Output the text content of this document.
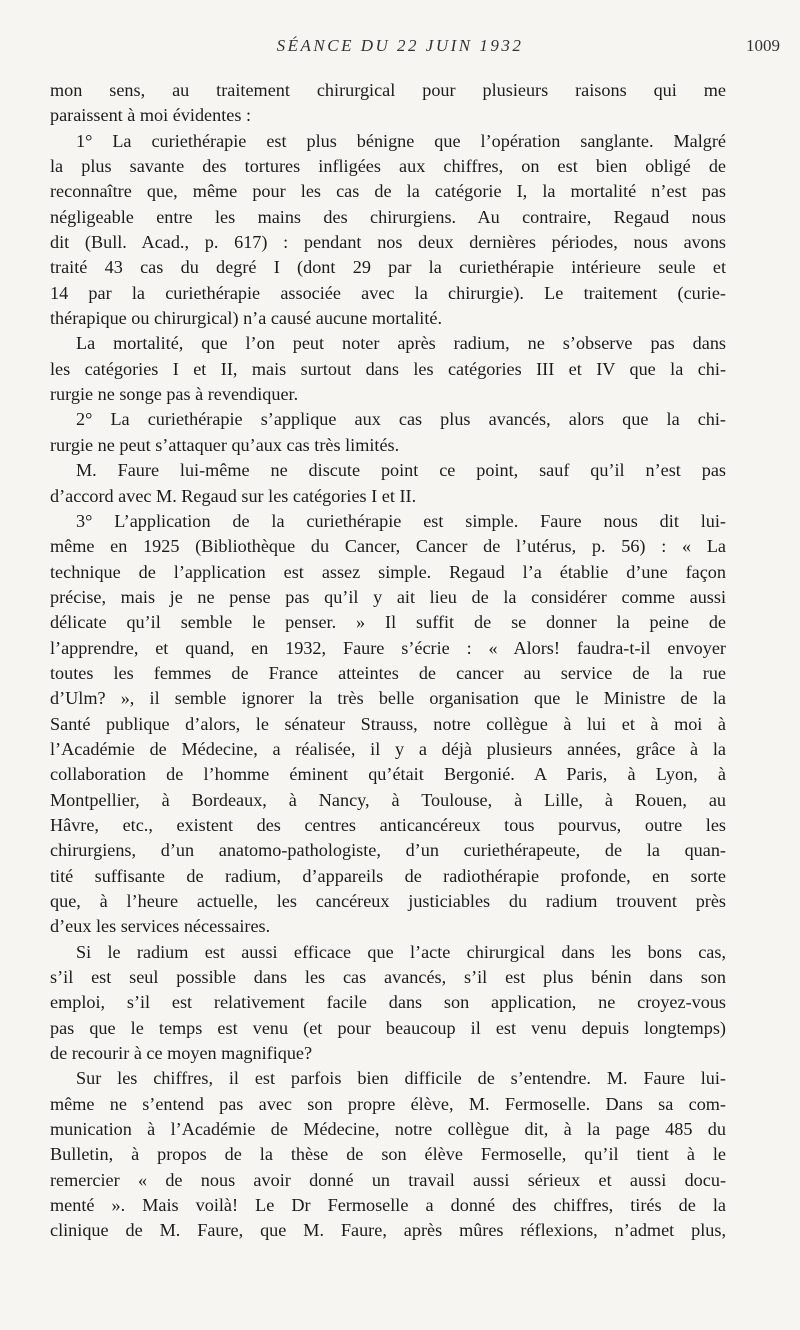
SÉANCE DU 22 JUIN 1932	1009
mon sens, au traitement chirurgical pour plusieurs raisons qui me
paraissent à moi évidentes :
1° La curiethérapie est plus bénigne que l’opération sanglante. Malgré
la plus savante des tortures infligées aux chiffres, on est bien obligé de
reconnaître que, même pour les cas de la catégorie I, la mortalité n’est pas
négligeable entre les mains des chirurgiens. Au contraire, Regaud nous
dit (Bull. Acad., p. 617) : pendant nos deux dernières périodes, nous avons
traité 43 cas du degré I (dont 29 par la curiethérapie intérieure seule et
14 par la curiethérapie associée avec la chirurgie). Le traitement (curie-
thérapique ou chirurgical) n’a causé aucune mortalité.
La mortalité, que l’on peut noter après radium, ne s’observe pas dans
les catégories I et II, mais surtout dans les catégories III et IV que la chi-
rurgie ne songe pas à revendiquer.
2° La curiethérapie s’applique aux cas plus avancés, alors que la chi-
rurgie ne peut s’attaquer qu’aux cas très limités.
M. Faure lui-même ne discute point ce point, sauf qu’il n’est pas
d’accord avec M. Regaud sur les catégories I et II.
3° L’application de la curiethérapie est simple. Faure nous dit lui-
même en 1925 (Bibliothèque du Cancer, Cancer de l’utérus, p. 56) : « La
technique de l’application est assez simple. Regaud l’a établie d’une façon
précise, mais je ne pense pas qu’il y ait lieu de la considérer comme aussi
délicate qu’il semble le penser. » Il suffit de se donner la peine de
l’apprendre, et quand, en 1932, Faure s’écrie : « Alors! faudra-t-il envoyer
toutes les femmes de France atteintes de cancer au service de la rue
d’Ulm? », il semble ignorer la très belle organisation que le Ministre de la
Santé publique d’alors, le sénateur Strauss, notre collègue à lui et à moi à
l’Académie de Médecine, a réalisée, il y a déjà plusieurs années, grâce à la
collaboration de l’homme éminent qu’était Bergonié. A Paris, à Lyon, à
Montpellier, à Bordeaux, à Nancy, à Toulouse, à Lille, à Rouen, au
Hâvre, etc., existent des centres anticancéreux tous pourvus, outre les
chirurgiens, d’un anatomo-pathologiste, d’un curiethérapeute, de la quan-
tité suffisante de radium, d’appareils de radiothérapie profonde, en sorte
que, à l’heure actuelle, les cancéreux justiciables du radium trouvent près
d’eux les services nécessaires.
Si le radium est aussi efficace que l’acte chirurgical dans les bons cas,
s’il est seul possible dans les cas avancés, s’il est plus bénin dans son
emploi, s’il est relativement facile dans son application, ne croyez-vous
pas que le temps est venu (et pour beaucoup il est venu depuis longtemps)
de recourir à ce moyen magnifique?
Sur les chiffres, il est parfois bien difficile de s’entendre. M. Faure lui-
même ne s’entend pas avec son propre élève, M. Fermoselle. Dans sa com-
munication à l’Académie de Médecine, notre collègue dit, à la page 485 du
Bulletin, à propos de la thèse de son élève Fermoselle, qu’il tient à le
remercier « de nous avoir donné un travail aussi sérieux et aussi docu-
menté ». Mais voilà! Le Dr Fermoselle a donné des chiffres, tirés de la
clinique de M. Faure, que M. Faure, après mûres réflexions, n’admet plus,
